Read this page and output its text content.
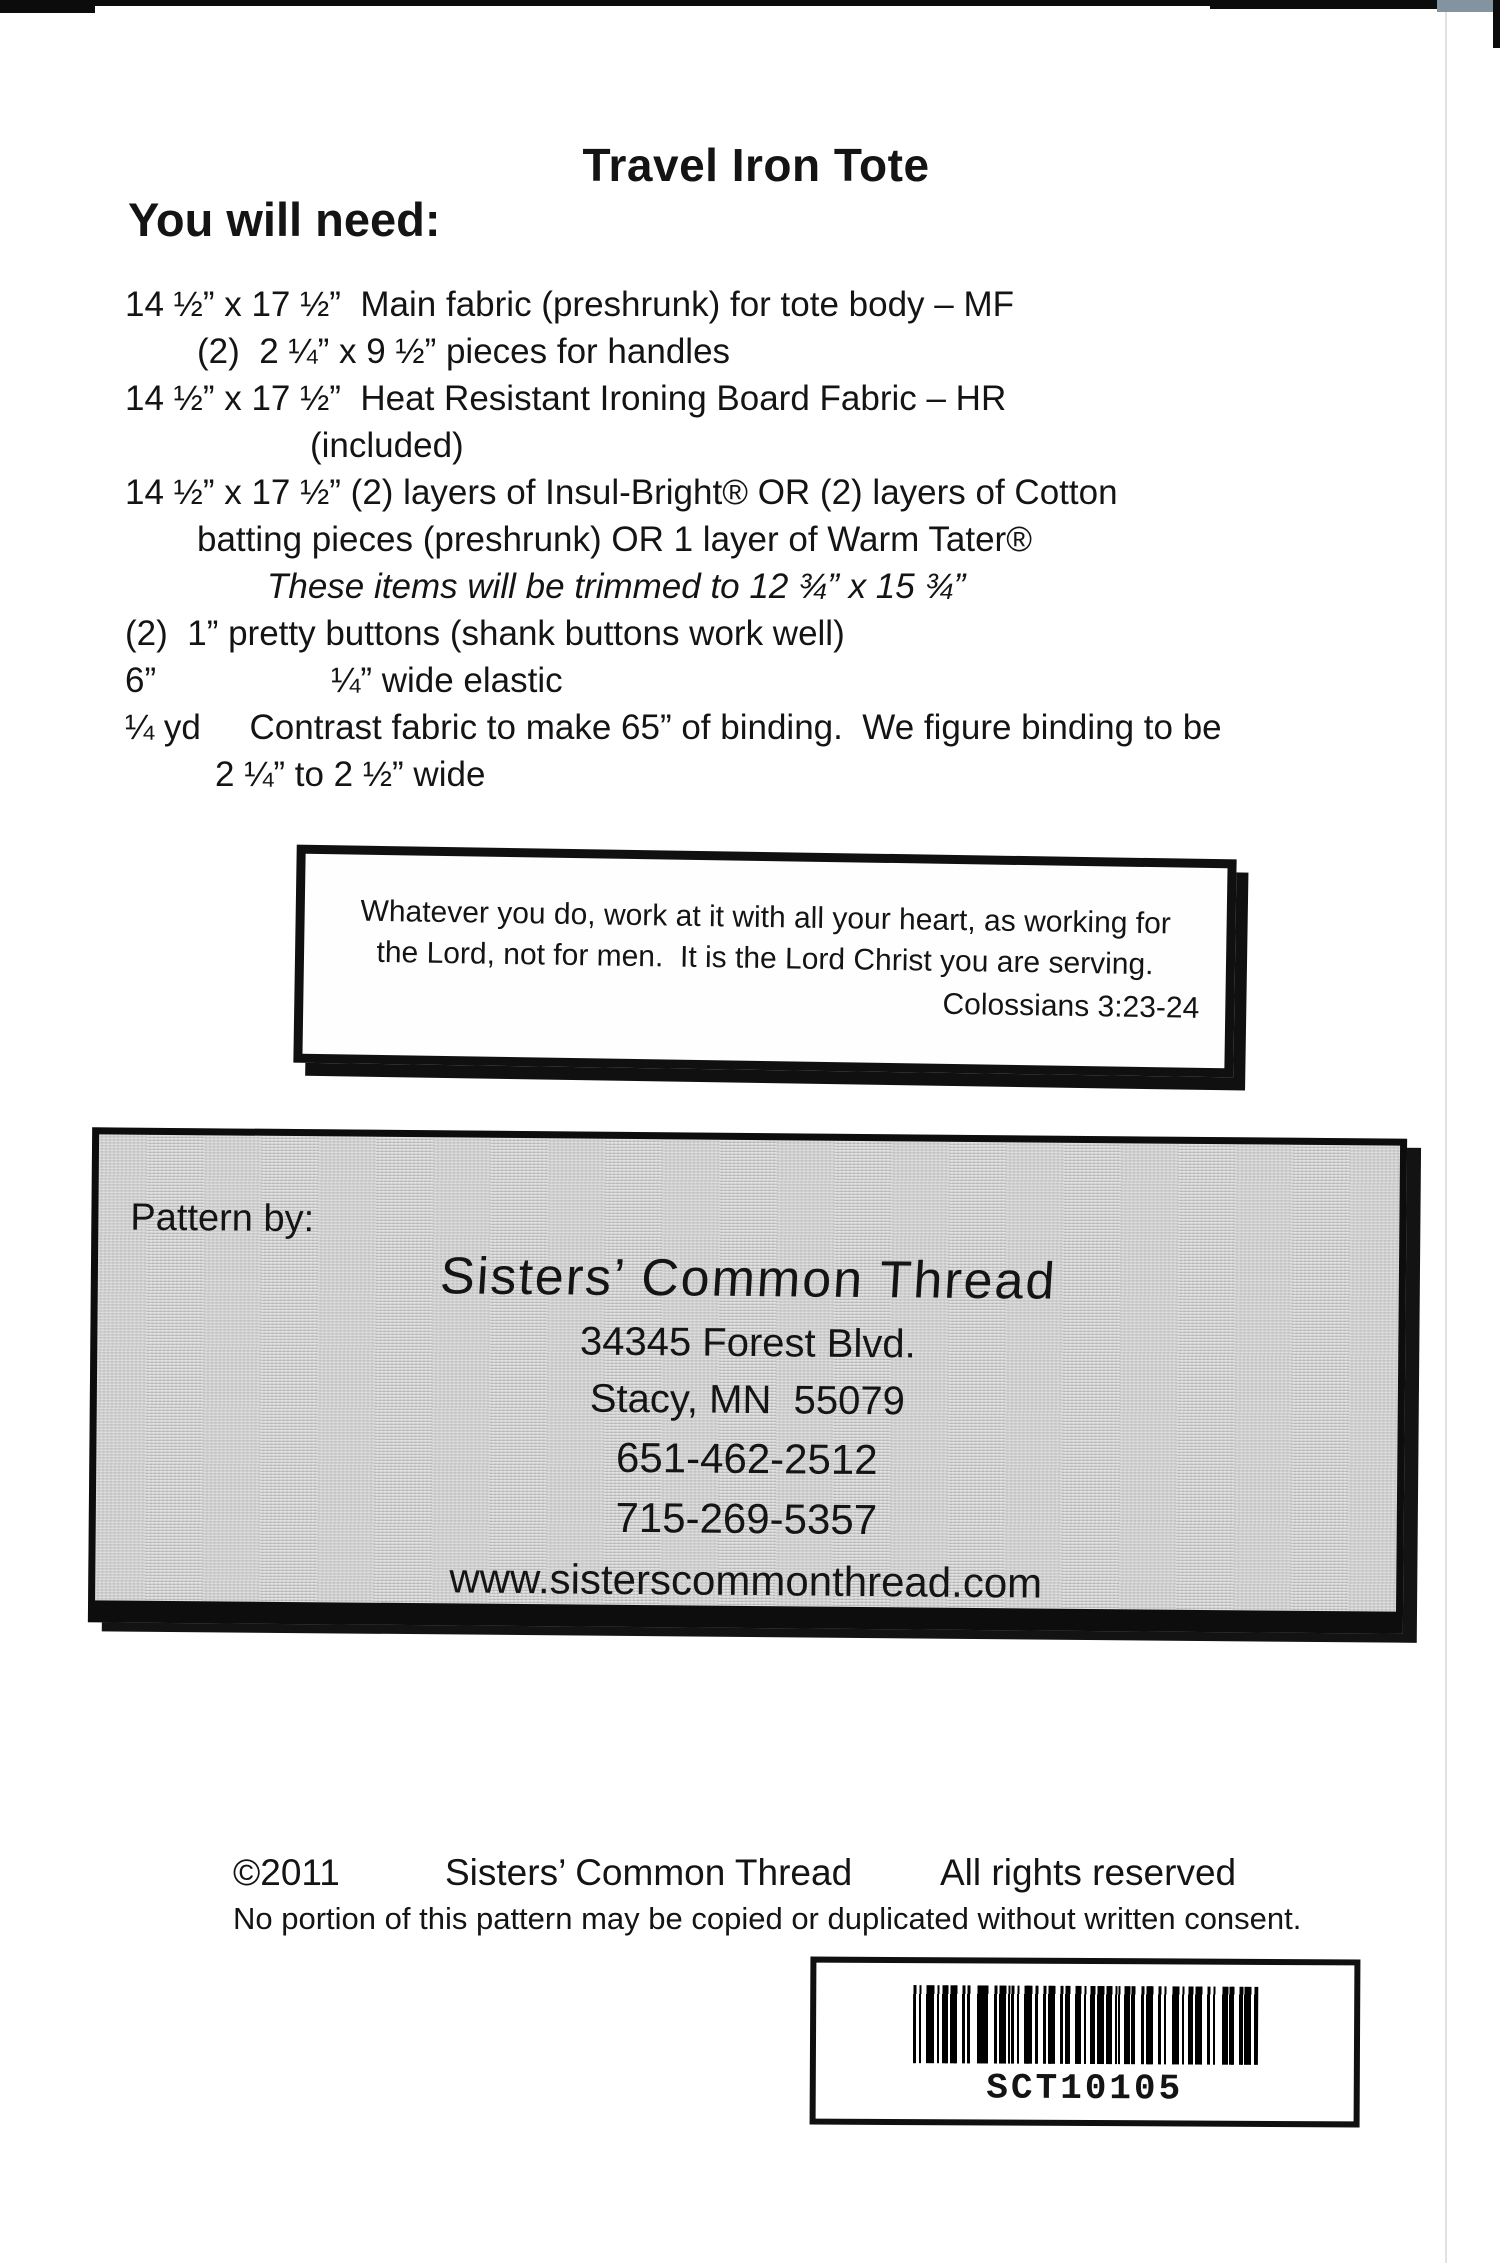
Travel Iron Tote
You will need:
14 ½” x 17 ½”  Main fabric (preshrunk) for tote body – MF
(2)  2 ¼” x 9 ½” pieces for handles
14 ½” x 17 ½”  Heat Resistant Ironing Board Fabric – HR
(included)
14 ½” x 17 ½” (2) layers of Insul-Bright® OR (2) layers of Cotton
batting pieces (preshrunk) OR 1 layer of Warm Tater®
These items will be trimmed to 12 ¾” x 15 ¾”
(2)  1” pretty buttons (shank buttons work well)
6”                  ¼” wide elastic
¼ yd     Contrast fabric to make 65” of binding.  We figure binding to be
2 ¼” to 2 ½” wide
Whatever you do, work at it with all your heart, as working for the Lord, not for men.  It is the Lord Christ you are serving.
Colossians 3:23-24
Pattern by:
Sisters’ Common Thread
34345 Forest Blvd.
Stacy, MN  55079
651-462-2512
715-269-5357
www.sisterscommonthread.com
©2011	Sisters’ Common Thread All rights reserved
No portion of this pattern may be copied or duplicated without written consent.
SCT10105
